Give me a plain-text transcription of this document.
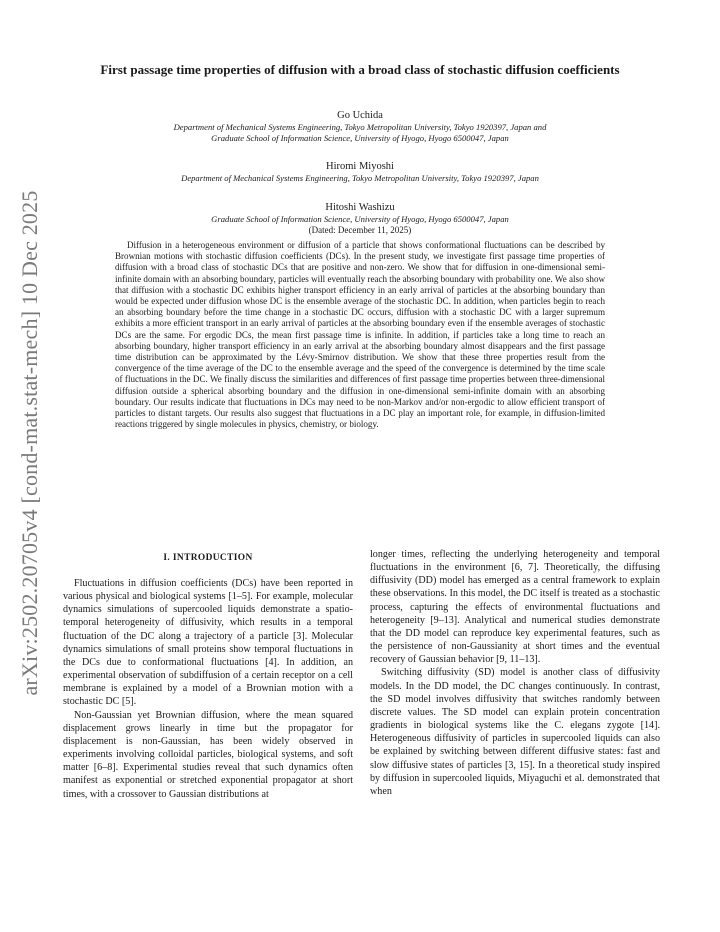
arXiv:2502.20705v4 [cond-mat.stat-mech] 10 Dec 2025
First passage time properties of diffusion with a broad class of stochastic diffusion coefficients
Go Uchida
Department of Mechanical Systems Engineering, Tokyo Metropolitan University, Tokyo 1920397, Japan and
Graduate School of Information Science, University of Hyogo, Hyogo 6500047, Japan
Hiromi Miyoshi
Department of Mechanical Systems Engineering, Tokyo Metropolitan University, Tokyo 1920397, Japan
Hitoshi Washizu
Graduate School of Information Science, University of Hyogo, Hyogo 6500047, Japan
(Dated: December 11, 2025)

Diffusion in a heterogeneous environment or diffusion of a particle that shows conformational fluctuations can be described by Brownian motions with stochastic diffusion coefficients (DCs). In the present study, we investigate first passage time properties of diffusion with a broad class of stochastic DCs that are positive and non-zero. We show that for diffusion in one-dimensional semi-infinite domain with an absorbing boundary, particles will eventually reach the absorbing boundary with probability one. We also show that diffusion with a stochastic DC exhibits higher transport efficiency in an early arrival of particles at the absorbing boundary than would be expected under diffusion whose DC is the ensemble average of the stochastic DC. In addition, when particles begin to reach an absorbing boundary before the time change in a stochastic DC occurs, diffusion with a stochastic DC with a larger supremum exhibits a more efficient transport in an early arrival of particles at the absorbing boundary even if the ensemble averages of stochastic DCs are the same. For ergodic DCs, the mean first passage time is infinite. In addition, if particles take a long time to reach an absorbing boundary, higher transport efficiency in an early arrival at the absorbing boundary almost disappears and the first passage time distribution can be approximated by the Lévy-Smirnov distribution. We show that these three properties result from the convergence of the time average of the DC to the ensemble average and the speed of the convergence is determined by the time scale of fluctuations in the DC. We finally discuss the similarities and differences of first passage time properties between three-dimensional diffusion outside a spherical absorbing boundary and the diffusion in one-dimensional semi-infinite domain with an absorbing boundary. Our results indicate that fluctuations in DCs may need to be non-Markov and/or non-ergodic to allow efficient transport of particles to distant targets. Our results also suggest that fluctuations in a DC play an important role, for example, in diffusion-limited reactions triggered by single molecules in physics, chemistry, or biology.

I. INTRODUCTION

Fluctuations in diffusion coefficients (DCs) have been reported in various physical and biological systems [1–5]. For example, molecular dynamics simulations of supercooled liquids demonstrate a spatio-temporal heterogeneity of diffusivity, which results in a temporal fluctuation of the DC along a trajectory of a particle [3]. Molecular dynamics simulations of small proteins show temporal fluctuations in the DCs due to conformational fluctuations [4]. In addition, an experimental observation of subdiffusion of a certain receptor on a cell membrane is explained by a model of a Brownian motion with a stochastic DC [5].

Non-Gaussian yet Brownian diffusion, where the mean squared displacement grows linearly in time but the propagator for displacement is non-Gaussian, has been widely observed in experiments involving colloidal particles, biological systems, and soft matter [6–8]. Experimental studies reveal that such dynamics often manifest as exponential or stretched exponential propagator at short times, with a crossover to Gaussian distributions at

longer times, reflecting the underlying heterogeneity and temporal fluctuations in the environment [6, 7]. Theoretically, the diffusing diffusivity (DD) model has emerged as a central framework to explain these observations. In this model, the DC itself is treated as a stochastic process, capturing the effects of environmental fluctuations and heterogeneity [9–13]. Analytical and numerical studies demonstrate that the DD model can reproduce key experimental features, such as the persistence of non-Gaussianity at short times and the eventual recovery of Gaussian behavior [9, 11–13].

Switching diffusivity (SD) model is another class of diffusivity models. In the DD model, the DC changes continuously. In contrast, the SD model involves diffusivity that switches randomly between discrete values. The SD model can explain protein concentration gradients in biological systems like the C. elegans zygote [14]. Heterogeneous diffusivity of particles in supercooled liquids can also be explained by switching between different diffusive states: fast and slow diffusive states of particles [3, 15]. In a theoretical study inspired by diffusion in supercooled liquids, Miyaguchi et al. demonstrated that when
